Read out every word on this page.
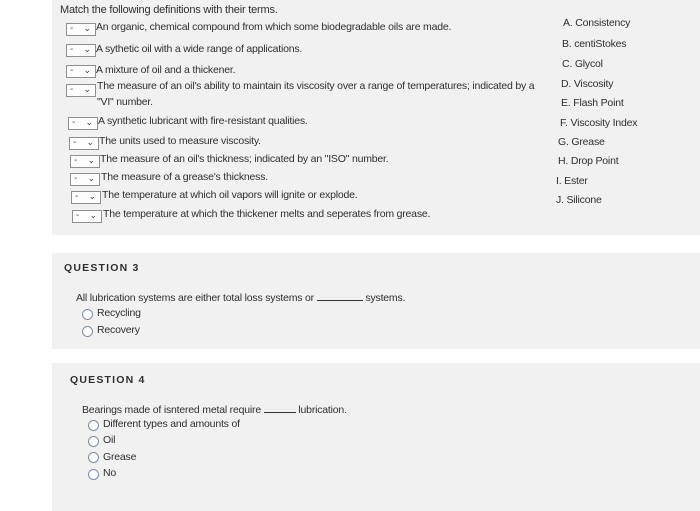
Match the following definitions with their terms.
- ⌄ An organic, chemical compound from which some biodegradable oils are made.
- ⌄ A sythetic oil with a wide range of applications.
- ⌄ A mixture of oil and a thickener.
- ⌄ The measure of an oil's ability to maintain its viscosity over a range of temperatures; indicated by a
"VI" number.
- ⌄ A synthetic lubricant with fire-resistant qualities.
- ⌄ The units used to measure viscosity.
- ⌄ The measure of an oil's thickness; indicated by an "ISO" number.
- ⌄ The measure of a grease's thickness.
- ⌄ The temperature at which oil vapors will ignite or explode.
- ⌄ The temperature at which the thickener melts and seperates from grease.
A. Consistency
B. centiStokes
C. Glycol
D. Viscosity
E. Flash Point
F. Viscosity Index
G. Grease
H. Drop Point
I. Ester
J. Silicone
QUESTION 3
All lubrication systems are either total loss systems or	systems.
Recycling
Recovery
QUESTION 4
Bearings made of isntered metal require	lubrication.
Different types and amounts of
Oil
Grease
No
